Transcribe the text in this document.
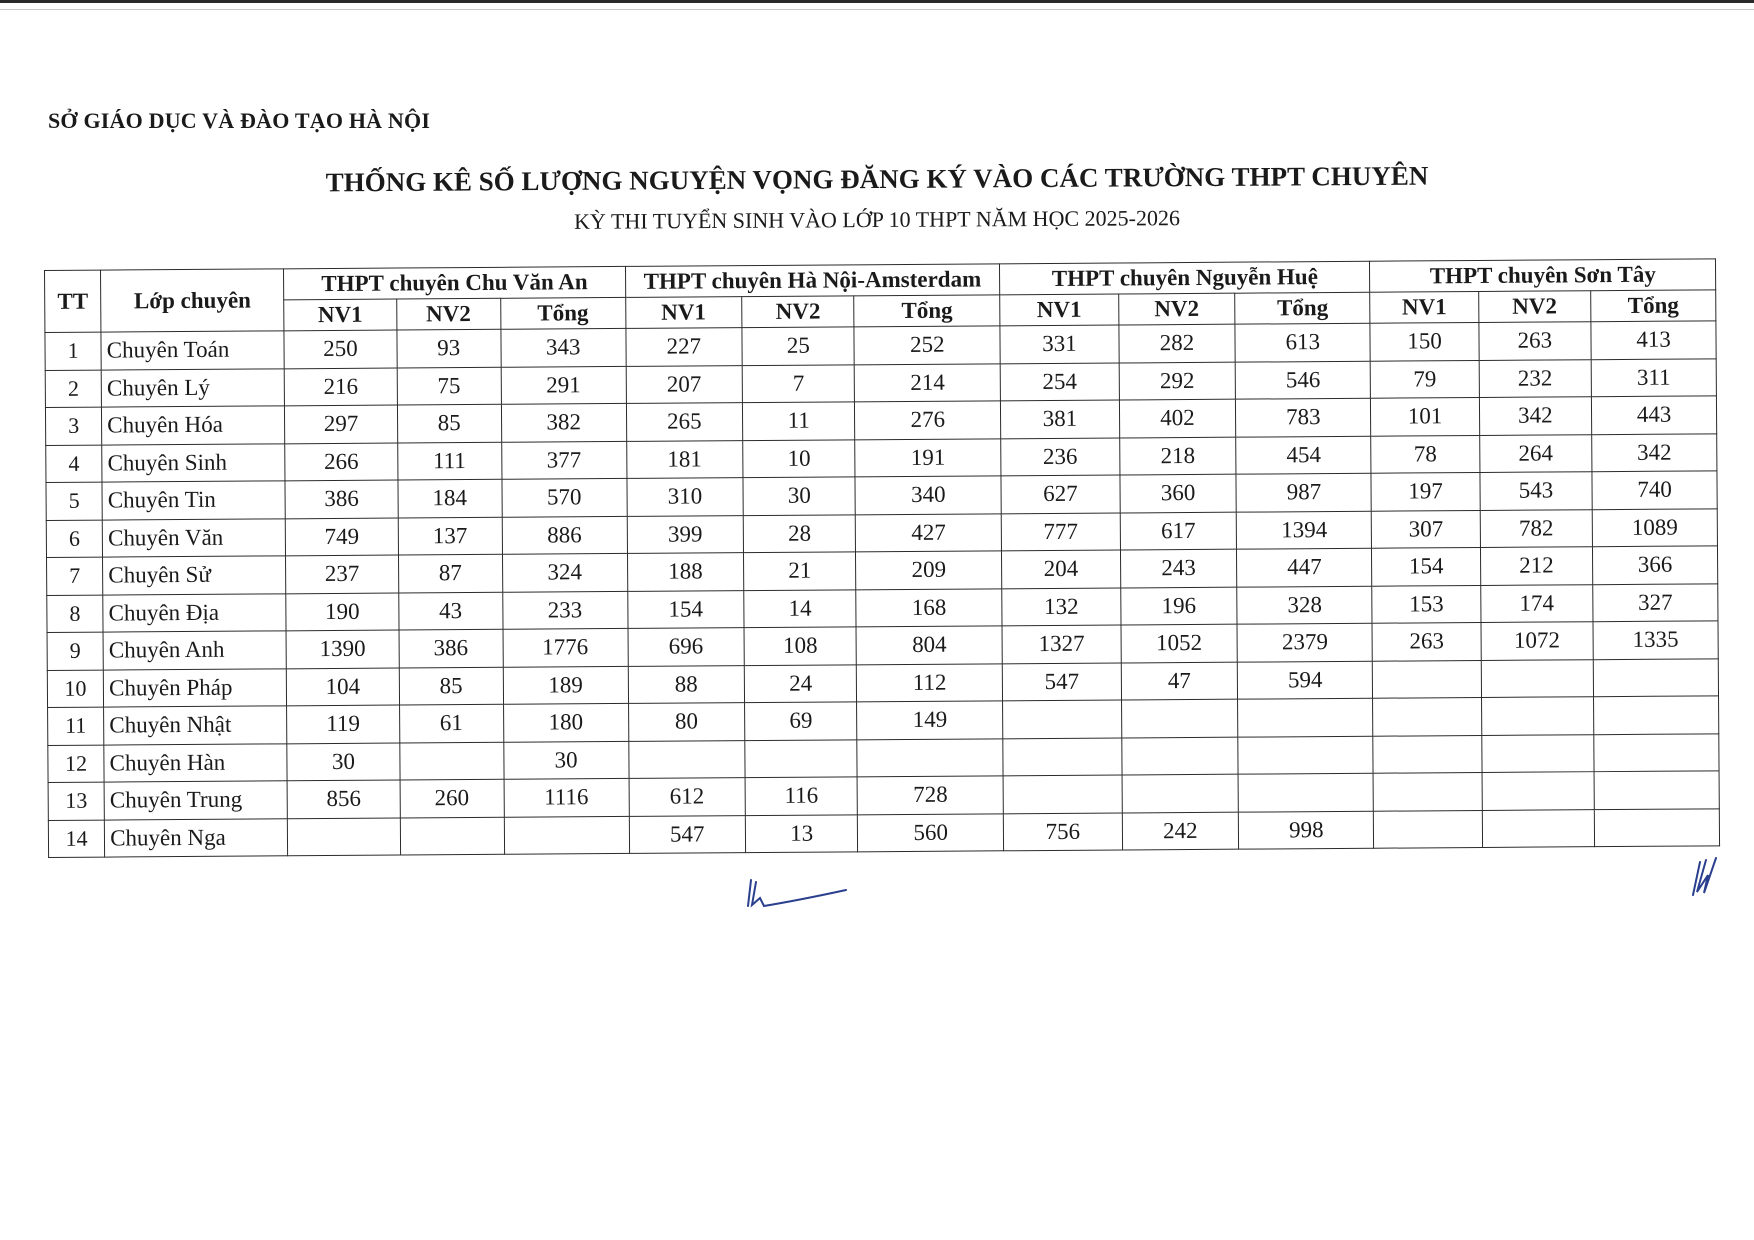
SỞ GIÁO DỤC VÀ ĐÀO TẠO HÀ NỘI
THỐNG KÊ SỐ LƯỢNG NGUYỆN VỌNG ĐĂNG KÝ VÀO CÁC TRƯỜNG THPT CHUYÊN
KỲ THI TUYỂN SINH VÀO LỚP 10 THPT NĂM HỌC 2025-2026
TT	Lớp chuyên	THPT chuyên Chu Văn An			THPT chuyên Hà Nội-Amsterdam			THPT chuyên Nguyễn Huệ			THPT chuyên Sơn Tây		
		NV1	NV2	Tổng	NV1	NV2	Tổng	NV1	NV2	Tổng	NV1	NV2	Tổng
1	Chuyên Toán	250	93	343	227	25	252	331	282	613	150	263	413
2	Chuyên Lý	216	75	291	207	7	214	254	292	546	79	232	311
3	Chuyên Hóa	297	85	382	265	11	276	381	402	783	101	342	443
4	Chuyên Sinh	266	111	377	181	10	191	236	218	454	78	264	342
5	Chuyên Tin	386	184	570	310	30	340	627	360	987	197	543	740
6	Chuyên Văn	749	137	886	399	28	427	777	617	1394	307	782	1089
7	Chuyên Sử	237	87	324	188	21	209	204	243	447	154	212	366
8	Chuyên Địa	190	43	233	154	14	168	132	196	328	153	174	327
9	Chuyên Anh	1390	386	1776	696	108	804	1327	1052	2379	263	1072	1335
10	Chuyên Pháp	104	85	189	88	24	112	547	47	594			
11	Chuyên Nhật	119	61	180	80	69	149						
12	Chuyên Hàn	30		30									
13	Chuyên Trung	856	260	1116	612	116	728						
14	Chuyên Nga				547	13	560	756	242	998			
